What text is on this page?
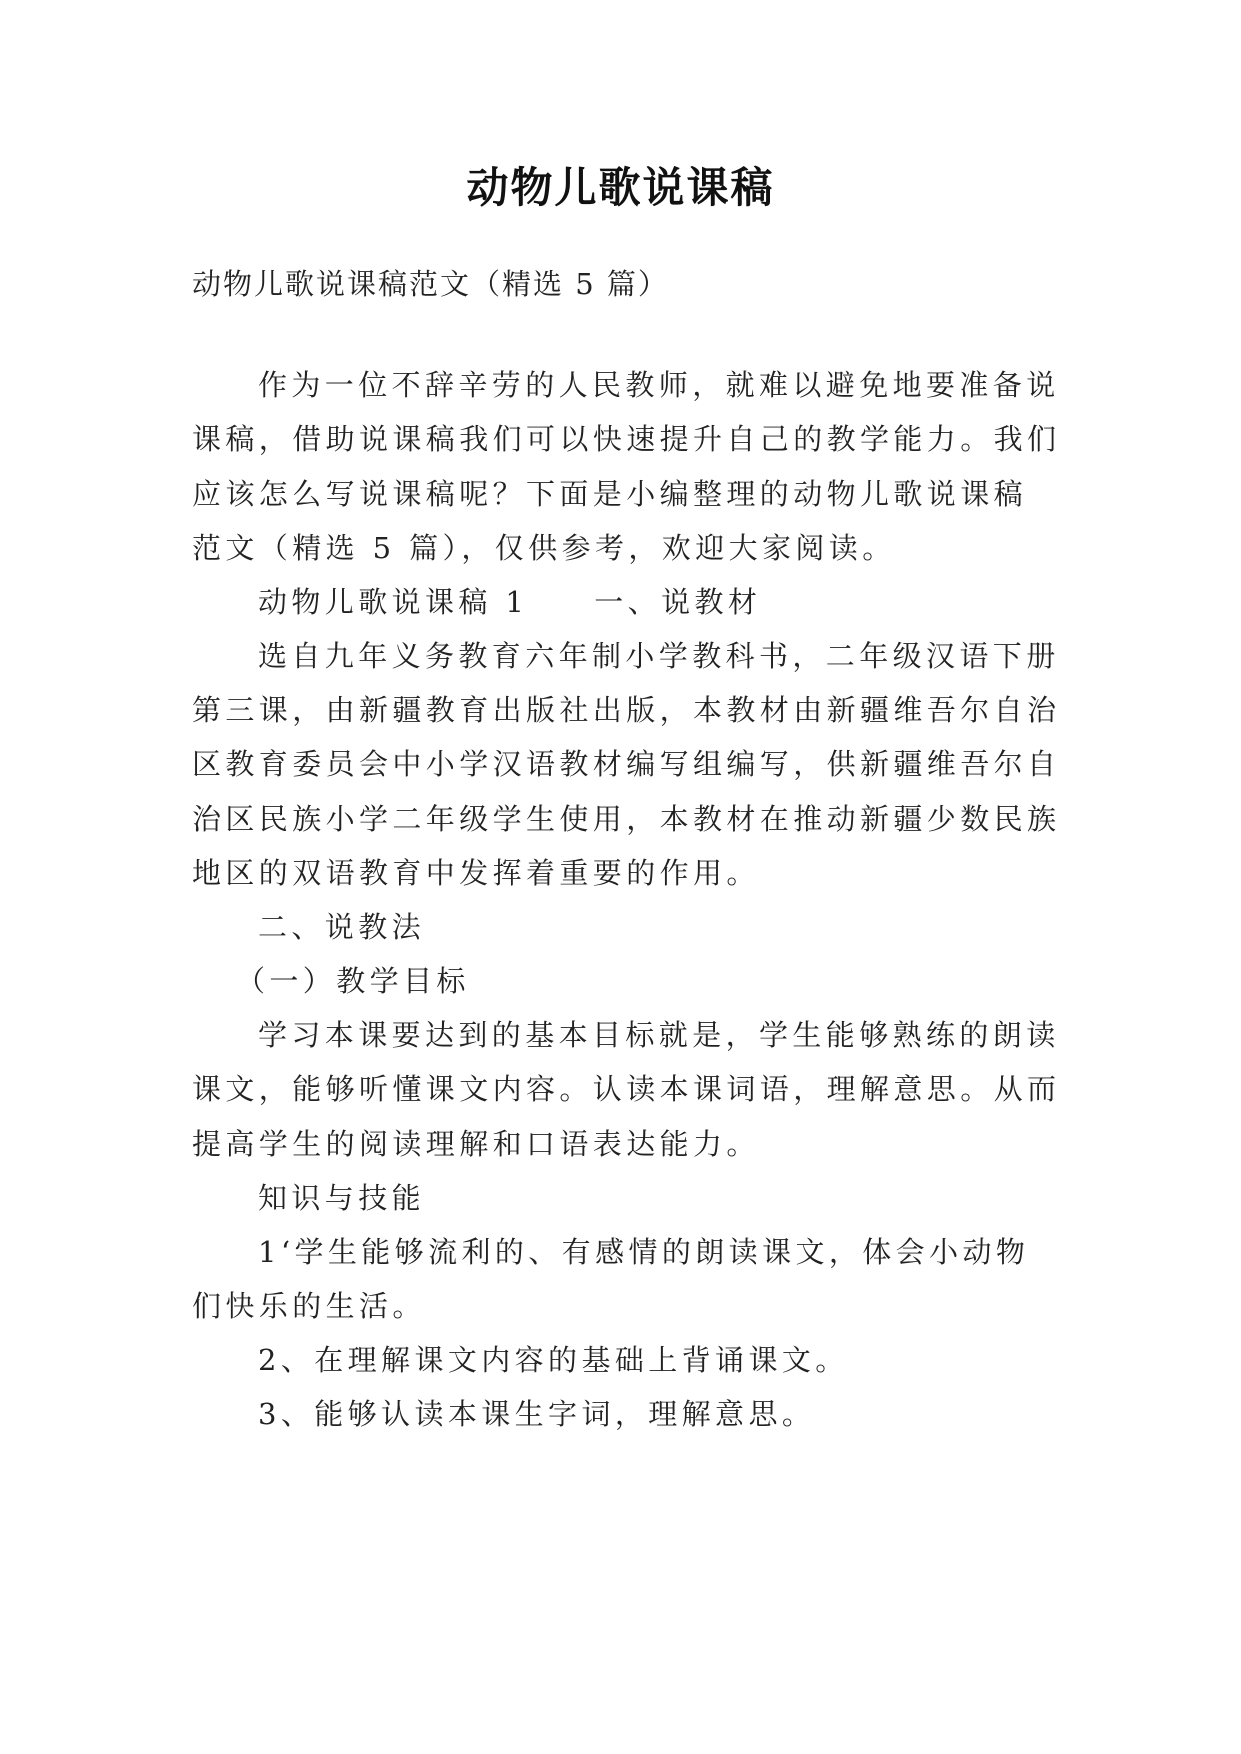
动物儿歌说课稿
动物儿歌说课稿范文（精选 5 篇）
作为一位不辞辛劳的人民教师，就难以避免地要准备说
课稿，借助说课稿我们可以快速提升自己的教学能力。我们
应该怎么写说课稿呢？下面是小编整理的动物儿歌说课稿
范文（精选 5 篇），仅供参考，欢迎大家阅读。
动物儿歌说课稿 1 一、说教材
选自九年义务教育六年制小学教科书，二年级汉语下册
第三课，由新疆教育出版社出版，本教材由新疆维吾尔自治
区教育委员会中小学汉语教材编写组编写，供新疆维吾尔自
治区民族小学二年级学生使用，本教材在推动新疆少数民族
地区的双语教育中发挥着重要的作用。
二、说教法
（一）教学目标
学习本课要达到的基本目标就是，学生能够熟练的朗读
课文，能够听懂课文内容。认读本课词语，理解意思。从而
提高学生的阅读理解和口语表达能力。
知识与技能
1‘学生能够流利的、有感情的朗读课文，体会小动物
们快乐的生活。
2、在理解课文内容的基础上背诵课文。
3、能够认读本课生字词，理解意思。
